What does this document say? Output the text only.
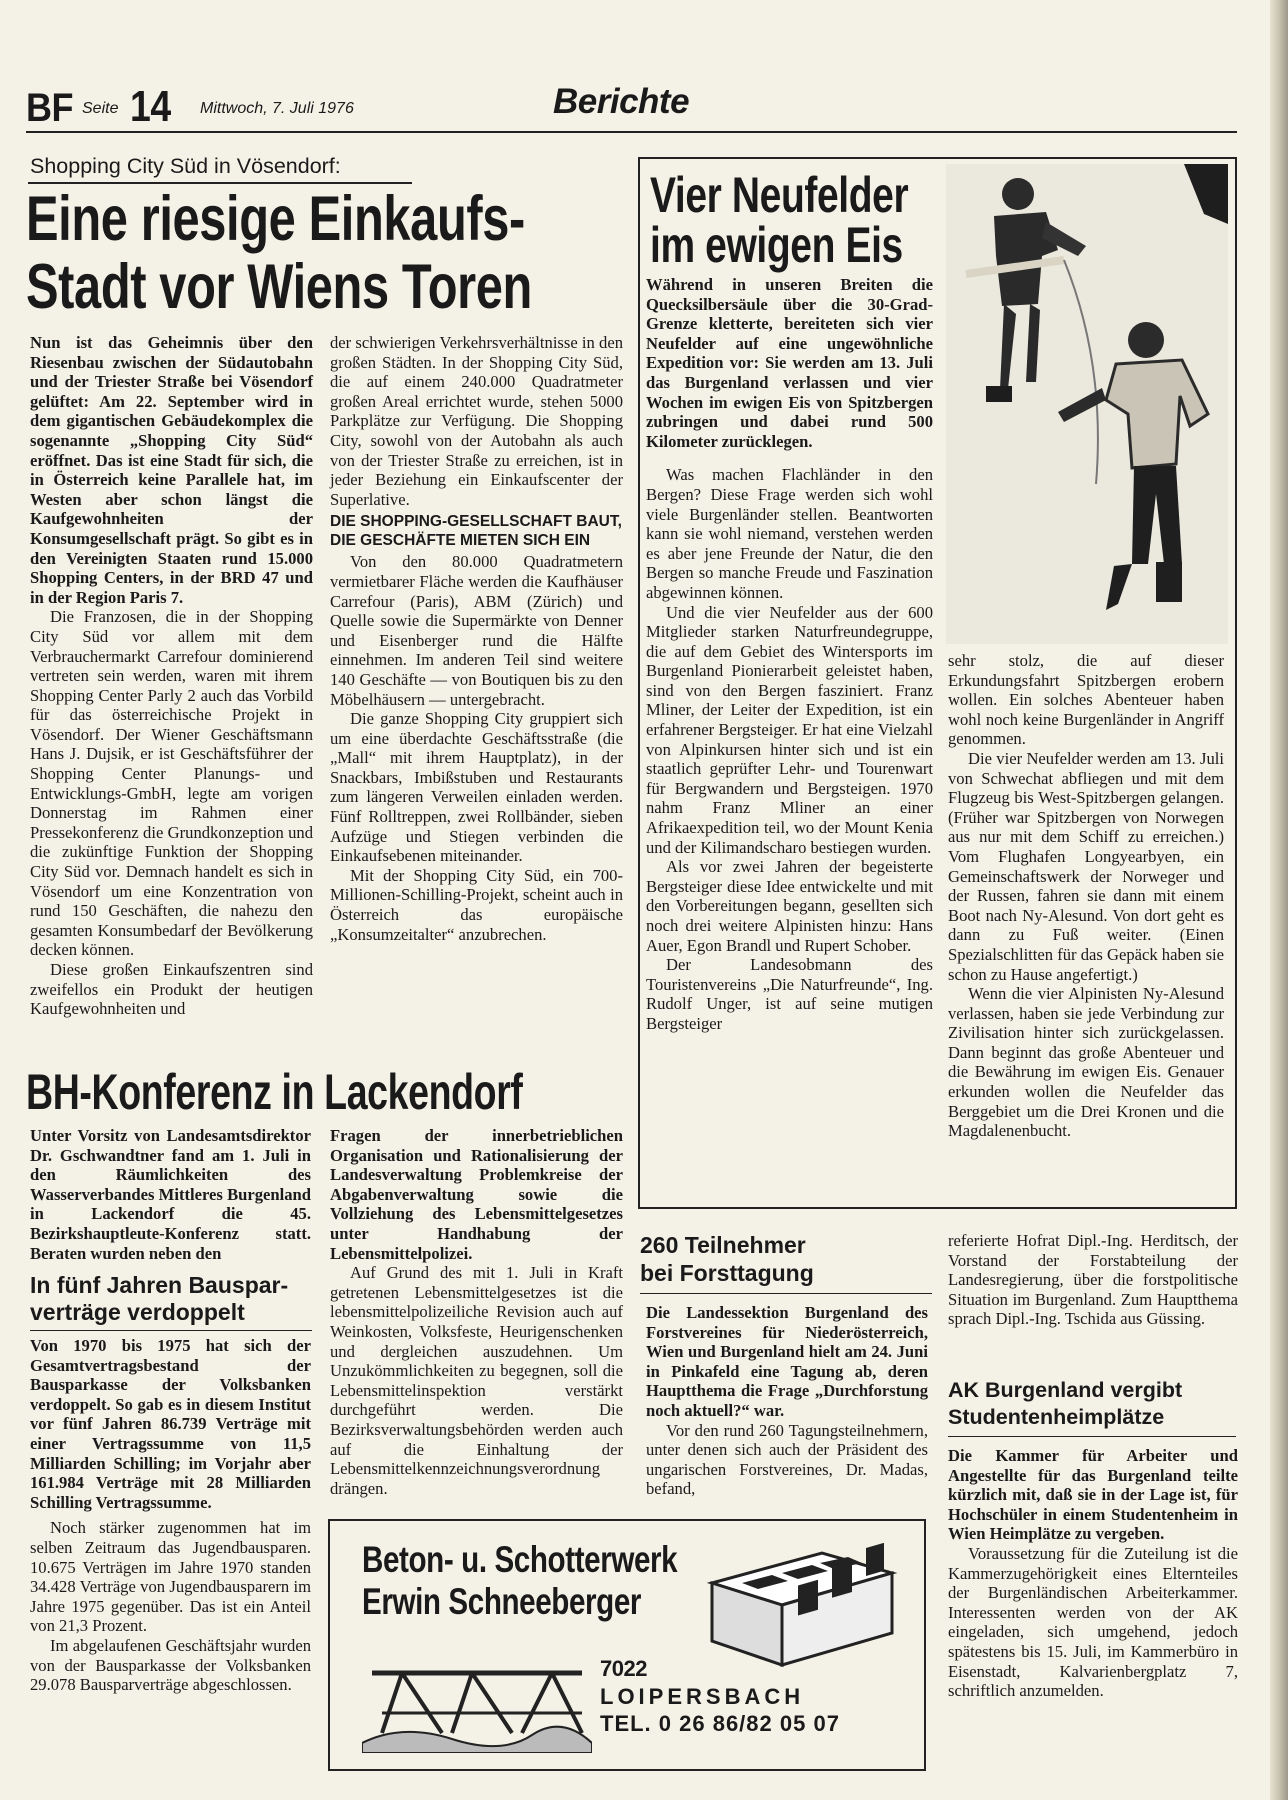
BF Seite 14 Mittwoch, 7. Juli 1976	Berichte
Shopping City Süd in Vösendorf:
Eine riesige Einkaufs-
Stadt vor Wiens Toren

Nun ist das Geheimnis über den Riesenbau zwischen der Südautobahn und der Triester Straße bei Vösendorf gelüftet: Am 22. September wird in dem gigantischen Gebäudekomplex die sogenannte „Shopping City Süd“ eröffnet. Das ist eine Stadt für sich, die in Österreich keine Parallele hat, im Westen aber schon längst die Kaufgewohnheiten der Konsumgesellschaft prägt. So gibt es in den Vereinigten Staaten rund 15.000 Shopping Centers, in der BRD 47 und in der Region Paris 7.

Die Franzosen, die in der Shopping City Süd vor allem mit dem Verbrauchermarkt Carrefour dominierend vertreten sein werden, waren mit ihrem Shopping Center Parly 2 auch das Vorbild für das österreichische Projekt in Vösendorf. Der Wiener Geschäftsmann Hans J. Dujsik, er ist Geschäftsführer der Shopping Center Planungs- und Entwicklungs-GmbH, legte am vorigen Donnerstag im Rahmen einer Pressekonferenz die Grundkonzeption und die zukünftige Funktion der Shopping City Süd vor. Demnach handelt es sich in Vösendorf um eine Konzentration von rund 150 Geschäften, die nahezu den gesamten Konsumbedarf der Bevölkerung decken können.

Diese großen Einkaufszentren sind zweifellos ein Produkt der heutigen Kaufgewohnheiten und

der schwierigen Verkehrsverhältnisse in den großen Städten. In der Shopping City Süd, die auf einem 240.000 Quadratmeter großen Areal errichtet wurde, stehen 5000 Parkplätze zur Verfügung. Die Shopping City, sowohl von der Autobahn als auch von der Triester Straße zu erreichen, ist in jeder Beziehung ein Einkaufscenter der Superlative.

DIE SHOPPING-GESELLSCHAFT BAUT, DIE GESCHÄFTE MIETEN SICH EIN

Von den 80.000 Quadratmetern vermietbarer Fläche werden die Kaufhäuser Carrefour (Paris), ABM (Zürich) und Quelle sowie die Supermärkte von Denner und Eisenberger rund die Hälfte einnehmen. Im anderen Teil sind weitere 140 Geschäfte — von Boutiquen bis zu den Möbelhäusern — untergebracht.

Die ganze Shopping City gruppiert sich um eine überdachte Geschäftsstraße (die „Mall“ mit ihrem Hauptplatz), in der Snackbars, Imbißstuben und Restaurants zum längeren Verweilen einladen werden. Fünf Rolltreppen, zwei Rollbänder, sieben Aufzüge und Stiegen verbinden die Einkaufsebenen miteinander.

Mit der Shopping City Süd, ein 700-Millionen-Schilling-Projekt, scheint auch in Österreich das europäische „Konsumzeitalter“ anzubrechen.

Vier Neufelder
im ewigen Eis

Während in unseren Breiten die Quecksilbersäule über die 30-Grad-Grenze kletterte, bereiteten sich vier Neufelder auf eine ungewöhnliche Expedition vor: Sie werden am 13. Juli das Burgenland verlassen und vier Wochen im ewigen Eis von Spitzbergen zubringen und dabei rund 500 Kilometer zurücklegen.

Was machen Flachländer in den Bergen? Diese Frage werden sich wohl viele Burgenländer stellen. Beantworten kann sie wohl niemand, verstehen werden es aber jene Freunde der Natur, die den Bergen so manche Freude und Faszination abgewinnen können.

Und die vier Neufelder aus der 600 Mitglieder starken Naturfreundegruppe, die auf dem Gebiet des Wintersports im Burgenland Pionierarbeit geleistet haben, sind von den Bergen fasziniert. Franz Mliner, der Leiter der Expedition, ist ein erfahrener Bergsteiger. Er hat eine Vielzahl von Alpinkursen hinter sich und ist ein staatlich geprüfter Lehr- und Tourenwart für Bergwandern und Bergsteigen. 1970 nahm Franz Mliner an einer Afrikaexpedition teil, wo der Mount Kenia und der Kilimandscharo bestiegen wurden.

Als vor zwei Jahren der begeisterte Bergsteiger diese Idee entwickelte und mit den Vorbereitungen begann, gesellten sich noch drei weitere Alpinisten hinzu: Hans Auer, Egon Brandl und Rupert Schober.

Der Landesobmann des Touristenvereins „Die Naturfreunde“, Ing. Rudolf Unger, ist auf seine mutigen Bergsteiger

sehr stolz, die auf dieser Erkundungsfahrt Spitzbergen erobern wollen. Ein solches Abenteuer haben wohl noch keine Burgenländer in Angriff genommen.

Die vier Neufelder werden am 13. Juli von Schwechat abfliegen und mit dem Flugzeug bis West-Spitzbergen gelangen. (Früher war Spitzbergen von Norwegen aus nur mit dem Schiff zu erreichen.) Vom Flughafen Longyearbyen, ein Gemeinschaftswerk der Norweger und der Russen, fahren sie dann mit einem Boot nach Ny-Alesund. Von dort geht es dann zu Fuß weiter. (Einen Spezialschlitten für das Gepäck haben sie schon zu Hause angefertigt.)

Wenn die vier Alpinisten Ny-Alesund verlassen, haben sie jede Verbindung zur Zivilisation hinter sich zurückgelassen. Dann beginnt das große Abenteuer und die Bewährung im ewigen Eis. Genauer erkunden wollen die Neufelder das Berggebiet um die Drei Kronen und die Magdalenenbucht.

BH-Konferenz in Lackendorf

Unter Vorsitz von Landesamtsdirektor Dr. Gschwandtner fand am 1. Juli in den Räumlichkeiten des Wasserverbandes Mittleres Burgenland in Lackendorf die 45. Bezirkshauptleute-Konferenz statt. Beraten wurden neben den

Fragen der innerbetrieblichen Organisation und Rationalisierung der Landesverwaltung Problemkreise der Abgabenverwaltung sowie die Vollziehung des Lebensmittelgesetzes unter Handhabung der Lebensmittelpolizei.

Auf Grund des mit 1. Juli in Kraft getretenen Lebensmittelgesetzes ist die lebensmittelpolizeiliche Revision auch auf Weinkosten, Volksfeste, Heurigenschenken und dergleichen auszudehnen. Um Unzukömmlichkeiten zu begegnen, soll die Lebensmittelinspektion verstärkt durchgeführt werden. Die Bezirksverwaltungsbehörden werden auch auf die Einhaltung der Lebensmittelkennzeichnungsverordnung drängen.

In fünf Jahren Bauspar-
verträge verdoppelt

Von 1970 bis 1975 hat sich der Gesamtvertragsbestand der Bausparkasse der Volksbanken verdoppelt. So gab es in diesem Institut vor fünf Jahren 86.739 Verträge mit einer Vertragssumme von 11,5 Milliarden Schilling; im Vorjahr aber 161.984 Verträge mit 28 Milliarden Schilling Vertragssumme.

Noch stärker zugenommen hat im selben Zeitraum das Jugendbausparen. 10.675 Verträgen im Jahre 1970 standen 34.428 Verträge von Jugendbausparern im Jahre 1975 gegenüber. Das ist ein Anteil von 21,3 Prozent.

Im abgelaufenen Geschäftsjahr wurden von der Bausparkasse der Volksbanken 29.078 Bausparverträge abgeschlossen.

260 Teilnehmer
bei Forsttagung

Die Landessektion Burgenland des Forstvereines für Niederösterreich, Wien und Burgenland hielt am 24. Juni in Pinkafeld eine Tagung ab, deren Hauptthema die Frage „Durchforstung noch aktuell?“ war.

Vor den rund 260 Tagungsteilnehmern, unter denen sich auch der Präsident des ungarischen Forstvereines, Dr. Madas, befand,

referierte Hofrat Dipl.-Ing. Herditsch, der Vorstand der Forstabteilung der Landesregierung, über die forstpolitische Situation im Burgenland. Zum Hauptthema sprach Dipl.-Ing. Tschida aus Güssing.

AK Burgenland vergibt
Studentenheimplätze

Die Kammer für Arbeiter und Angestellte für das Burgenland teilte kürzlich mit, daß sie in der Lage ist, für Hochschüler in einem Studentenheim in Wien Heimplätze zu vergeben.

Voraussetzung für die Zuteilung ist die Kammerzugehörigkeit eines Elternteiles der Burgenländischen Arbeiterkammer. Interessenten werden von der AK eingeladen, sich umgehend, jedoch spätestens bis 15. Juli, im Kammerbüro in Eisenstadt, Kalvarienbergplatz 7, schriftlich anzumelden.

Beton- u. Schotterwerk
Erwin Schneeberger
7022
LOIPERSBACH
TEL. 0 26 86/82 05 07
